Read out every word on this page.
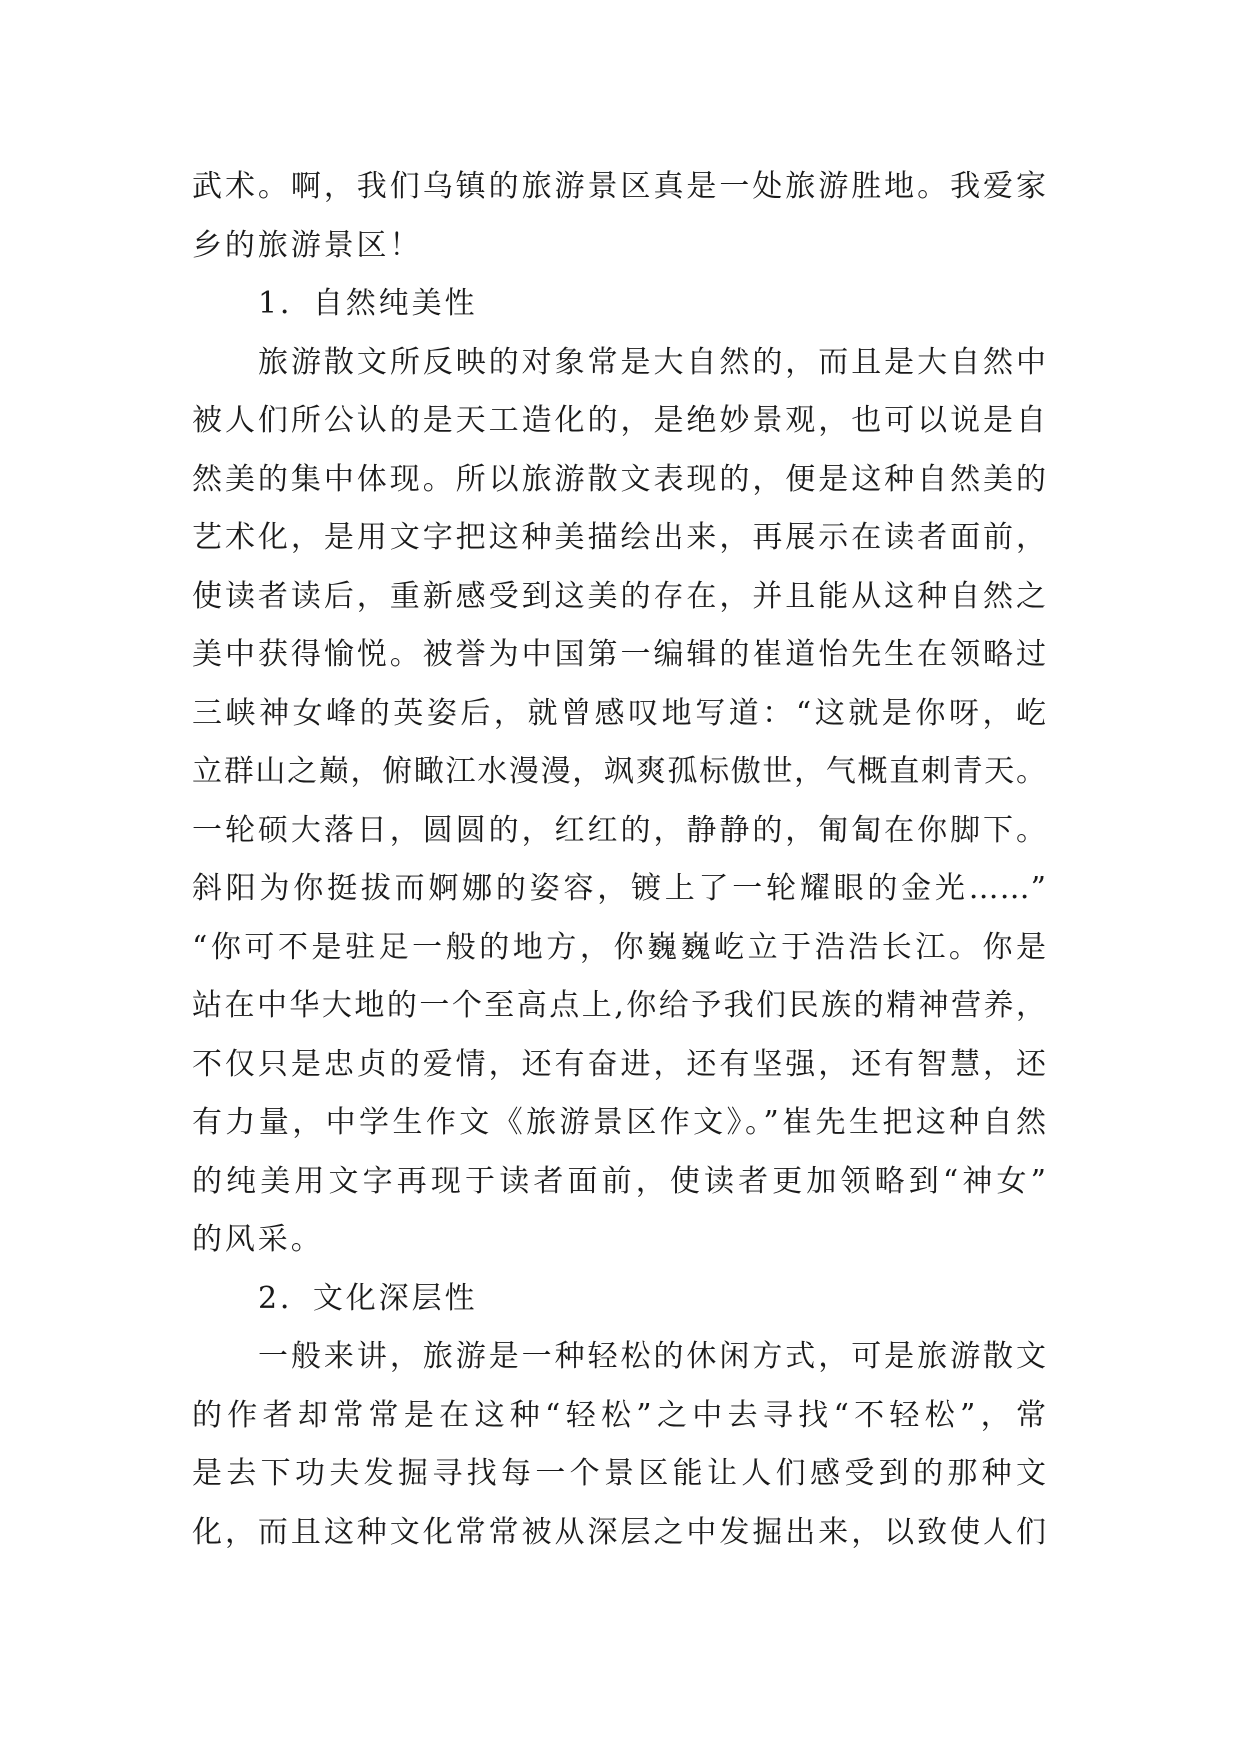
武术。啊，我们乌镇的旅游景区真是一处旅游胜地。我爱家
乡的旅游景区！
1．自然纯美性
旅游散文所反映的对象常是大自然的，而且是大自然中
被人们所公认的是天工造化的，是绝妙景观，也可以说是自
然美的集中体现。所以旅游散文表现的，便是这种自然美的
艺术化，是用文字把这种美描绘出来，再展示在读者面前，
使读者读后，重新感受到这美的存在，并且能从这种自然之
美中获得愉悦。被誉为中国第一编辑的崔道怡先生在领略过
三峡神女峰的英姿后，就曾感叹地写道：“这就是你呀，屹
立群山之巅，俯瞰江水漫漫，飒爽孤标傲世，气概直刺青天。
一轮硕大落日，圆圆的，红红的，静静的，匍匐在你脚下。
斜阳为你挺拔而婀娜的姿容，镀上了一轮耀眼的金光……”
“你可不是驻足一般的地方，你巍巍屹立于浩浩长江。你是
站在中华大地的一个至高点上,你给予我们民族的精神营养，
不仅只是忠贞的爱情，还有奋进，还有坚强，还有智慧，还
有力量，中学生作文《旅游景区作文》。”崔先生把这种自然
的纯美用文字再现于读者面前，使读者更加领略到“神女”
的风采。
2．文化深层性
一般来讲，旅游是一种轻松的休闲方式，可是旅游散文
的作者却常常是在这种“轻松”之中去寻找“不轻松”，常
是去下功夫发掘寻找每一个景区能让人们感受到的那种文
化，而且这种文化常常被从深层之中发掘出来，以致使人们
